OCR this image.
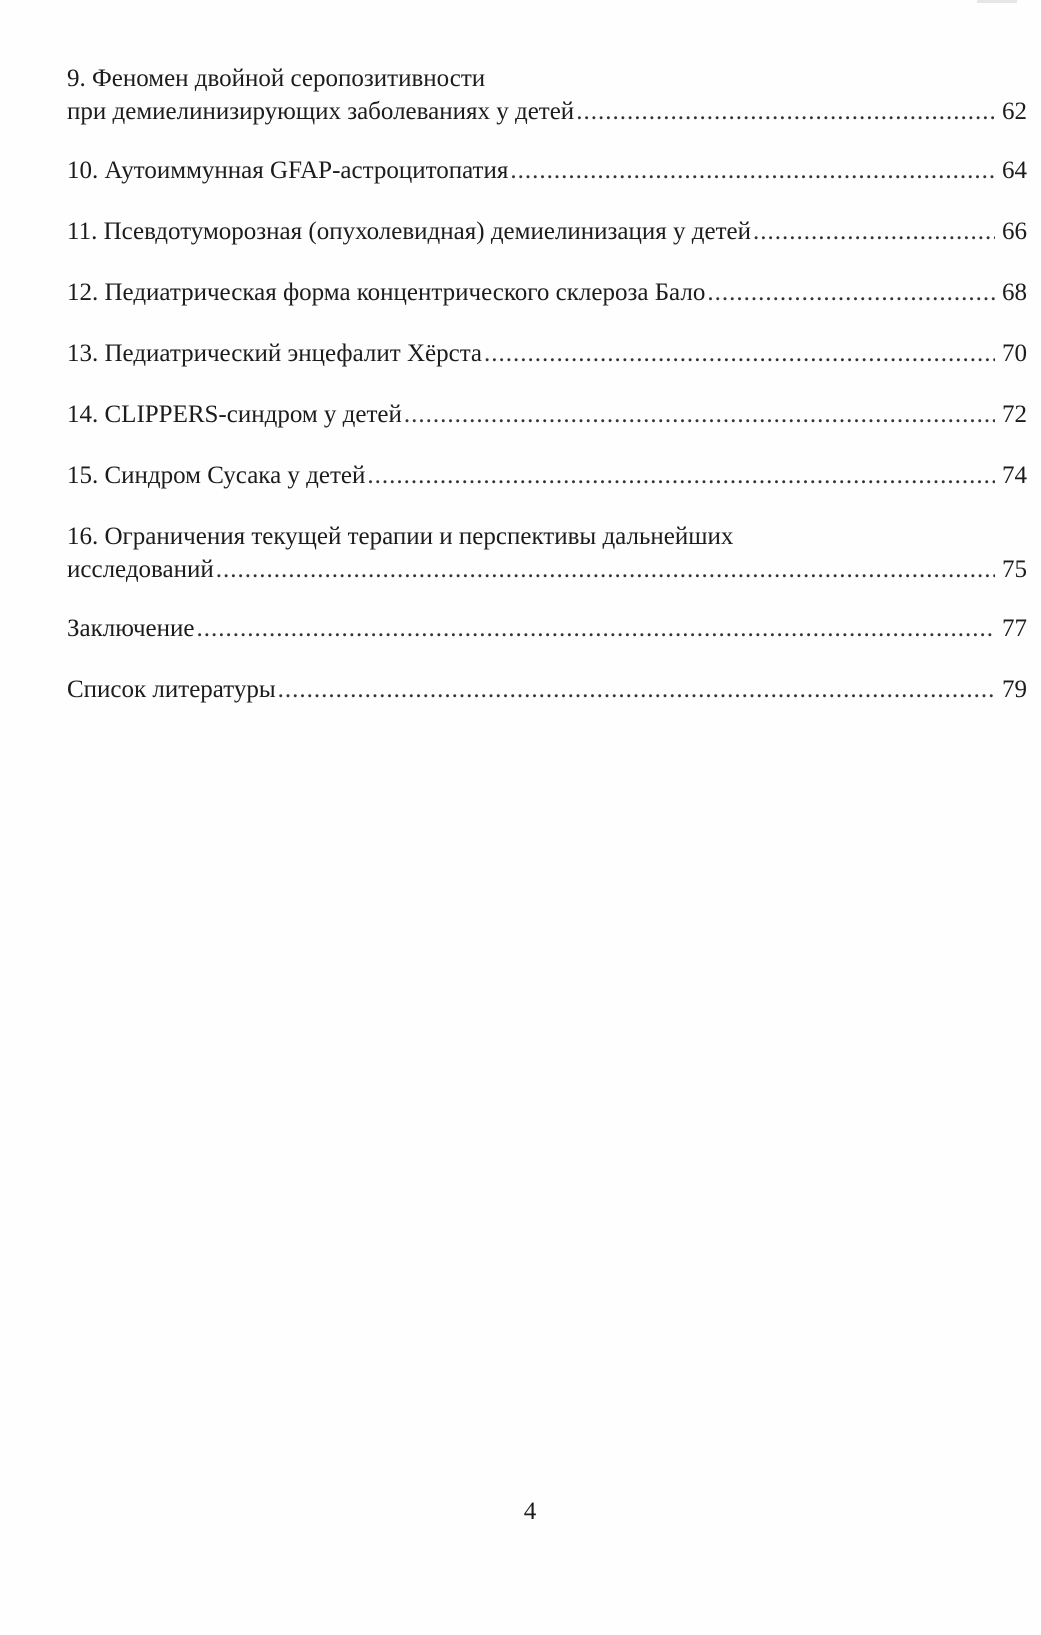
9. Феномен двойной серопозитивности
при демиелинизирующих заболеваниях у детей .....	62
10. Аутоиммунная GFAP-астроцитопатия .....	64
11. Псевдотуморозная (опухолевидная) демиелинизация у детей .....	66
12. Педиатрическая форма концентрического склероза Бало .....	68
13. Педиатрический энцефалит Хёрста .....	70
14. CLIPPERS-синдром у детей .....	72
15. Синдром Сусака у детей .....	74
16. Ограничения текущей терапии и перспективы дальнейших
исследований .....	75
Заключение .....	77
Список литературы .....	79
4
